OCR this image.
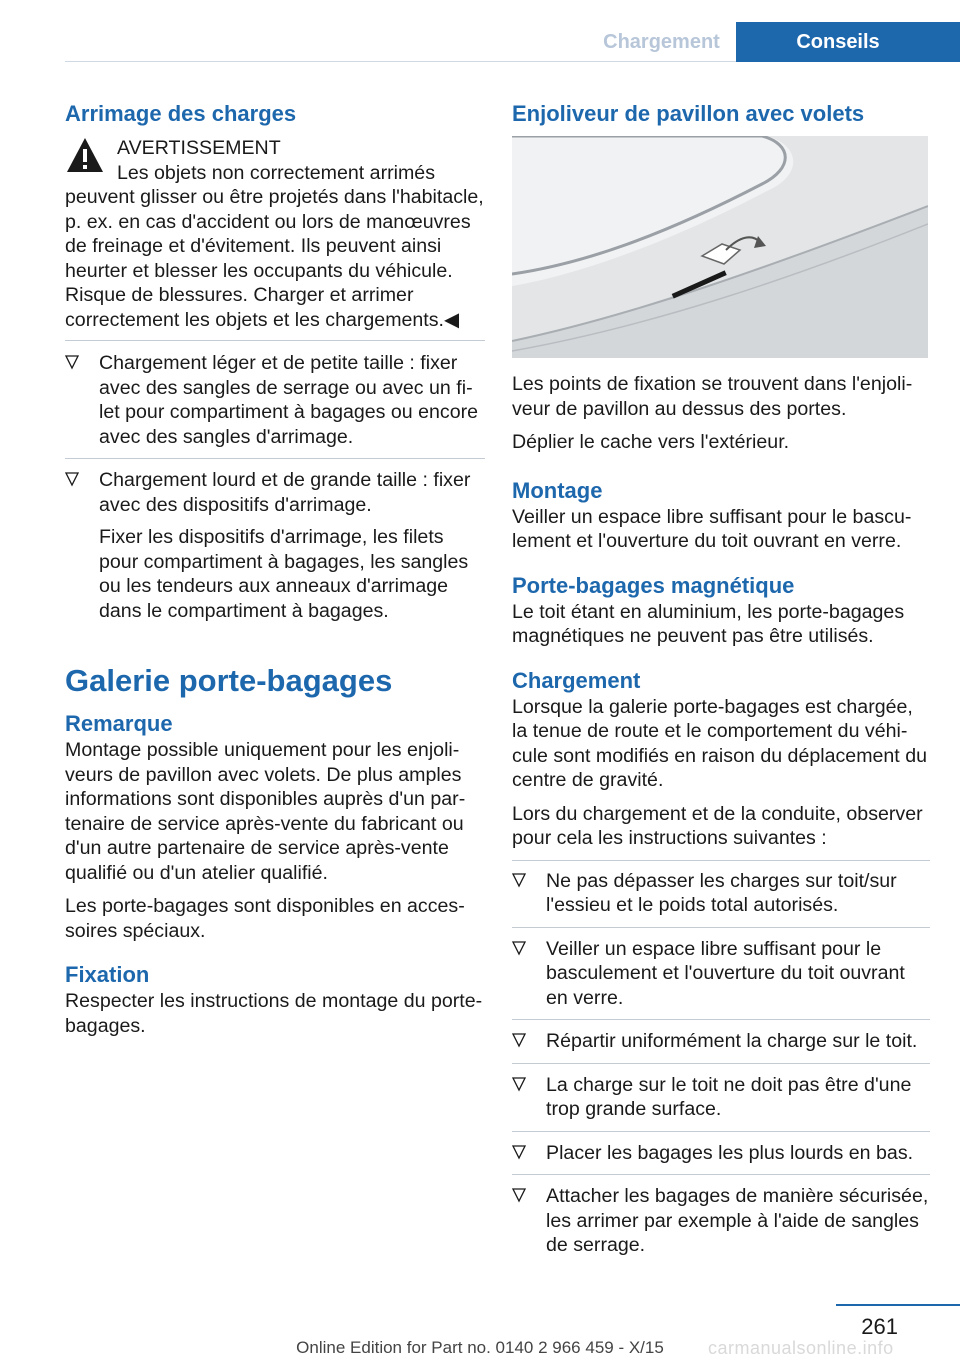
Chargement	Conseils
Arrimage des charges
AVERTISSEMENT

Les objets non correctement arrimés peuvent glisser ou être projetés dans l'habitacle, p. ex. en cas d'accident ou lors de manœuvres de freinage et d'évitement. Ils peuvent ainsi heurter et blesser les occupants du véhicule. Risque de blessures. Charger et arrimer correctement les objets et les chargements.◀

Chargement léger et de petite taille : fixer avec des sangles de serrage ou avec un filet pour compartiment à bagages ou encore avec des sangles d'arrimage.
Chargement lourd et de grande taille : fixer avec des dispositifs d'arrimage.
Fixer les dispositifs d'arrimage, les filets pour compartiment à bagages, les sangles ou les tendeurs aux anneaux d'arrimage dans le compartiment à bagages.
Galerie porte-bagages
Remarque

Montage possible uniquement pour les enjoliveurs de pavillon avec volets. De plus amples informations sont disponibles auprès d'un partenaire de service après-vente du fabricant ou d'un autre partenaire de service après-vente qualifié ou d'un atelier qualifié.

Les porte-bagages sont disponibles en accessoires spéciaux.

Fixation

Respecter les instructions de montage du porte-bagages.

Enjoliveur de pavillon avec volets

Les points de fixation se trouvent dans l'enjoliveur de pavillon au dessus des portes.

Déplier le cache vers l'extérieur.

Montage

Veiller un espace libre suffisant pour le basculement et l'ouverture du toit ouvrant en verre.

Porte-bagages magnétique

Le toit étant en aluminium, les porte-bagages magnétiques ne peuvent pas être utilisés.

Chargement

Lorsque la galerie porte-bagages est chargée, la tenue de route et le comportement du véhicule sont modifiés en raison du déplacement du centre de gravité.

Lors du chargement et de la conduite, observer pour cela les instructions suivantes :

Ne pas dépasser les charges sur toit/sur l'essieu et le poids total autorisés.
Veiller un espace libre suffisant pour le basculement et l'ouverture du toit ouvrant en verre.
Répartir uniformément la charge sur le toit.
La charge sur le toit ne doit pas être d'une trop grande surface.
Placer les bagages les plus lourds en bas.
Attacher les bagages de manière sécurisée, les arrimer par exemple à l'aide de sangles de serrage.
261
Online Edition for Part no. 0140 2 966 459 - X/15	carmanualsonline.info
